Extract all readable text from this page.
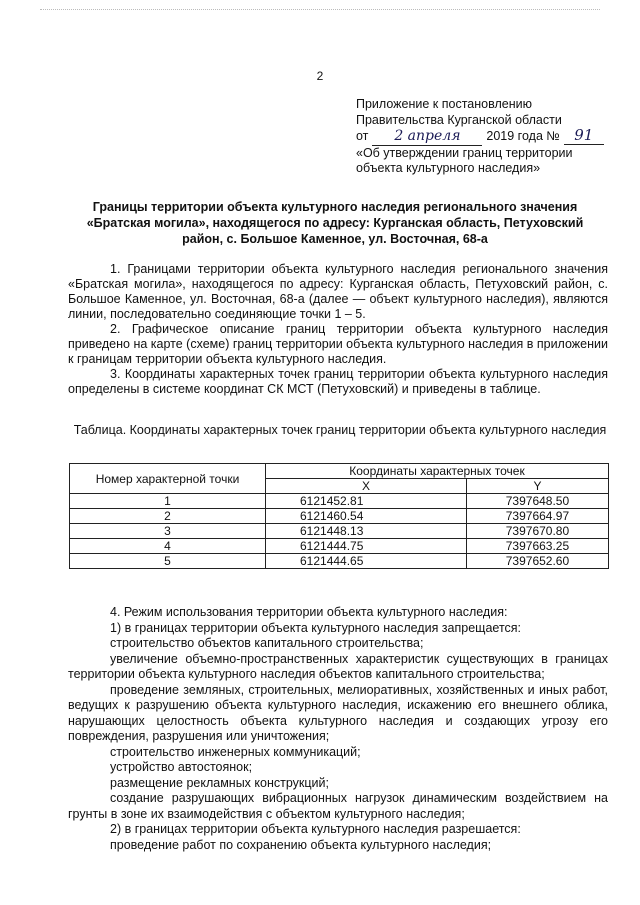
2
Приложение к постановлению
Правительства Курганской области
от	2 апреля	2019 года № 91
«Об утверждении границ территории
объекта культурного наследия»
Границы территории объекта культурного наследия регионального значения «Братская могила», находящегося по адресу: Курганская область, Петуховский район, с. Большое Каменное, ул. Восточная, 68-а

1. Границами территории объекта культурного наследия регионального значения «Братская могила», находящегося по адресу: Курганская область, Петуховский район, с. Большое Каменное, ул. Восточная, 68-а (далее — объект культурного наследия), являются линии, последовательно соединяющие точки 1 – 5.

2. Графическое описание границ территории объекта культурного наследия приведено на карте (схеме) границ территории объекта культурного наследия в приложении к границам территории объекта культурного наследия.

3. Координаты характерных точек границ территории объекта культурного наследия определены в системе координат СК МСТ (Петуховский) и приведены в таблице.

Таблица. Координаты характерных точек границ территории объекта культурного наследия
Номер характерной точки	Координаты характерных точек	
	X	Y
1	6121452.81	7397648.50
2	6121460.54	7397664.97
3	6121448.13	7397670.80
4	6121444.75	7397663.25
5	6121444.65	7397652.60

4. Режим использования территории объекта культурного наследия:

1) в границах территории объекта культурного наследия запрещается:

строительство объектов капитального строительства;

увеличение объемно-пространственных характеристик существующих в границах территории объекта культурного наследия объектов капитального строительства;

проведение земляных, строительных, мелиоративных, хозяйственных и иных работ, ведущих к разрушению объекта культурного наследия, искажению его внешнего облика, нарушающих целостность объекта культурного наследия и создающих угрозу его повреждения, разрушения или уничтожения;

строительство инженерных коммуникаций;

устройство автостоянок;

размещение рекламных конструкций;

создание разрушающих вибрационных нагрузок динамическим воздействием на грунты в зоне их взаимодействия с объектом культурного наследия;

2) в границах территории объекта культурного наследия разрешается:

проведение работ по сохранению объекта культурного наследия;
